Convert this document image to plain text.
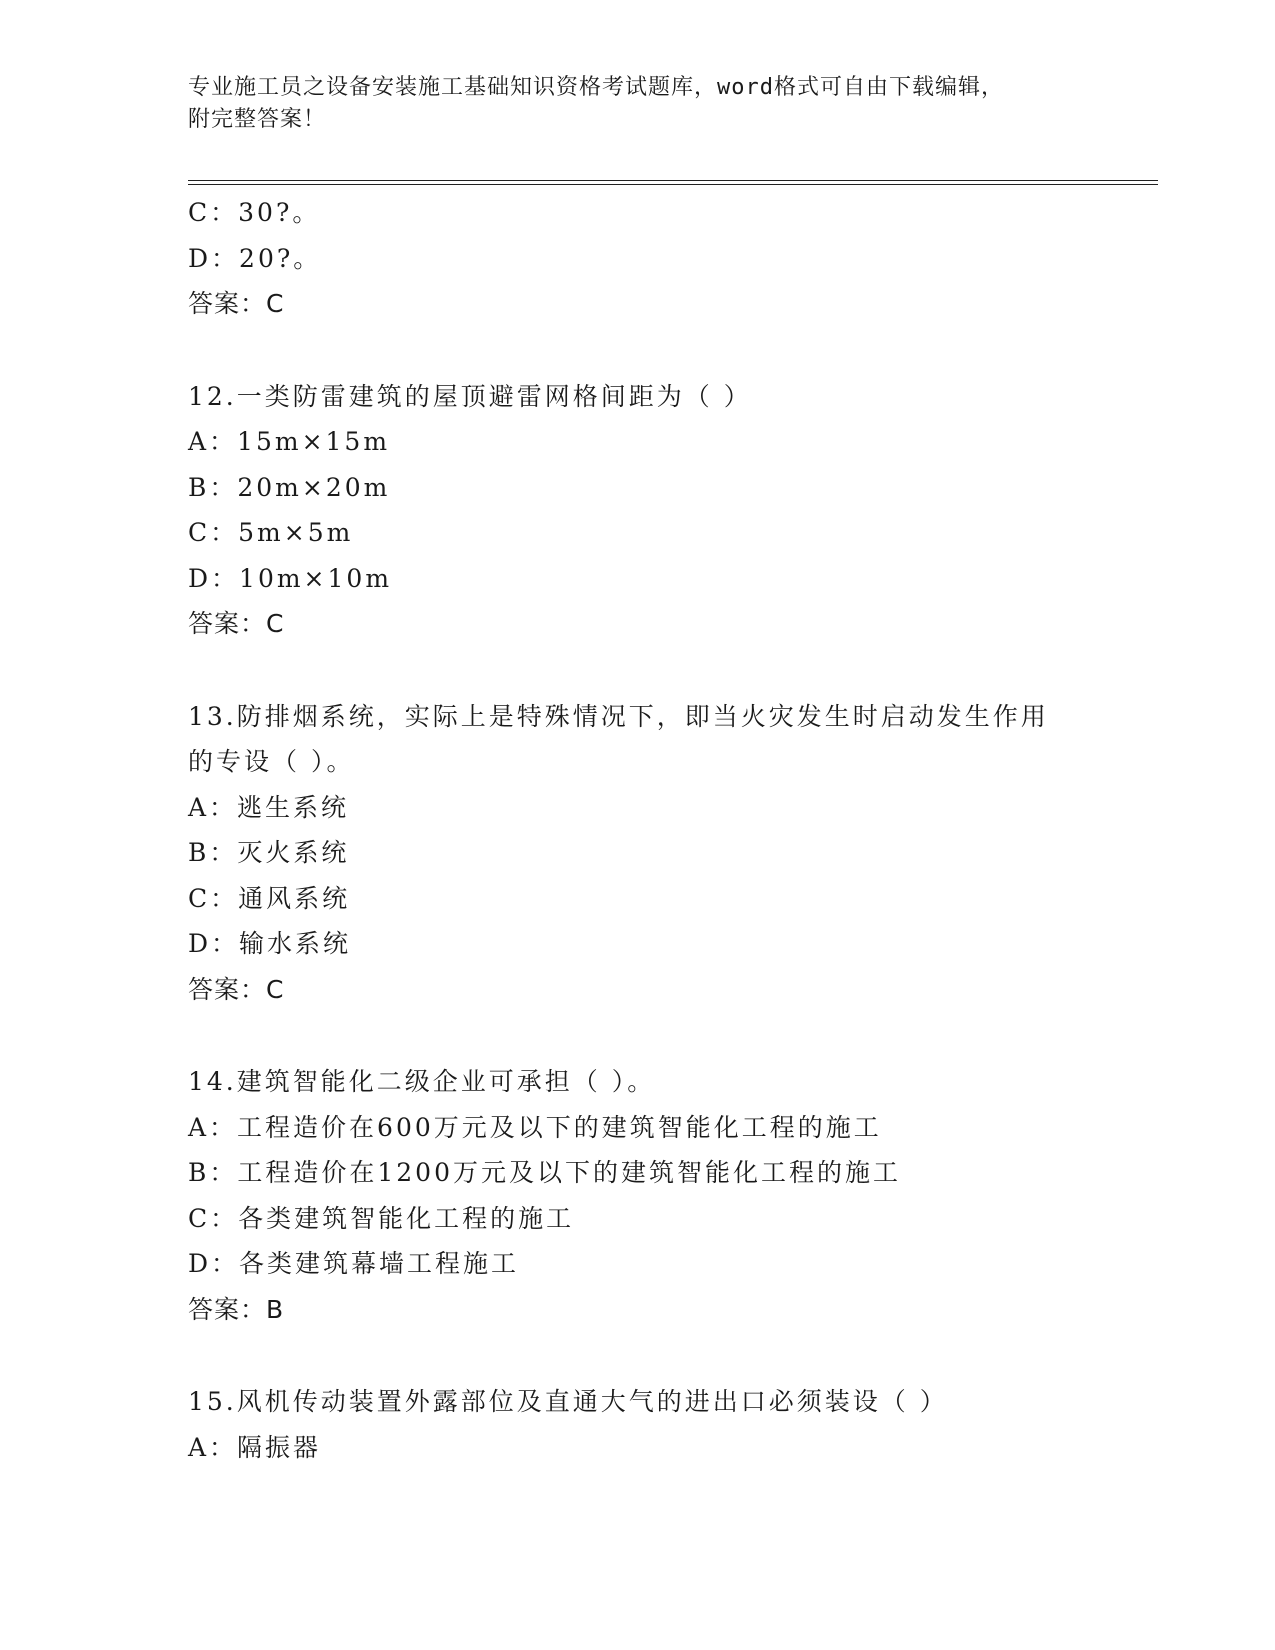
专业施工员之设备安装施工基础知识资格考试题库，word格式可自由下载编辑，
附完整答案！
C：30?。
D：20?。
答案：C
12.一类防雷建筑的屋顶避雷网格间距为（ ）
A：15m×15m
B：20m×20m
C：5m×5m
D：10m×10m
答案：C
13.防排烟系统，实际上是特殊情况下，即当火灾发生时启动发生作用
的专设（ ）。
A：逃生系统
B：灭火系统
C：通风系统
D：输水系统
答案：C
14.建筑智能化二级企业可承担（ ）。
A：工程造价在600万元及以下的建筑智能化工程的施工
B：工程造价在1200万元及以下的建筑智能化工程的施工
C：各类建筑智能化工程的施工
D：各类建筑幕墙工程施工
答案：B
15.风机传动装置外露部位及直通大气的进出口必须装设（ ）
A：隔振器
